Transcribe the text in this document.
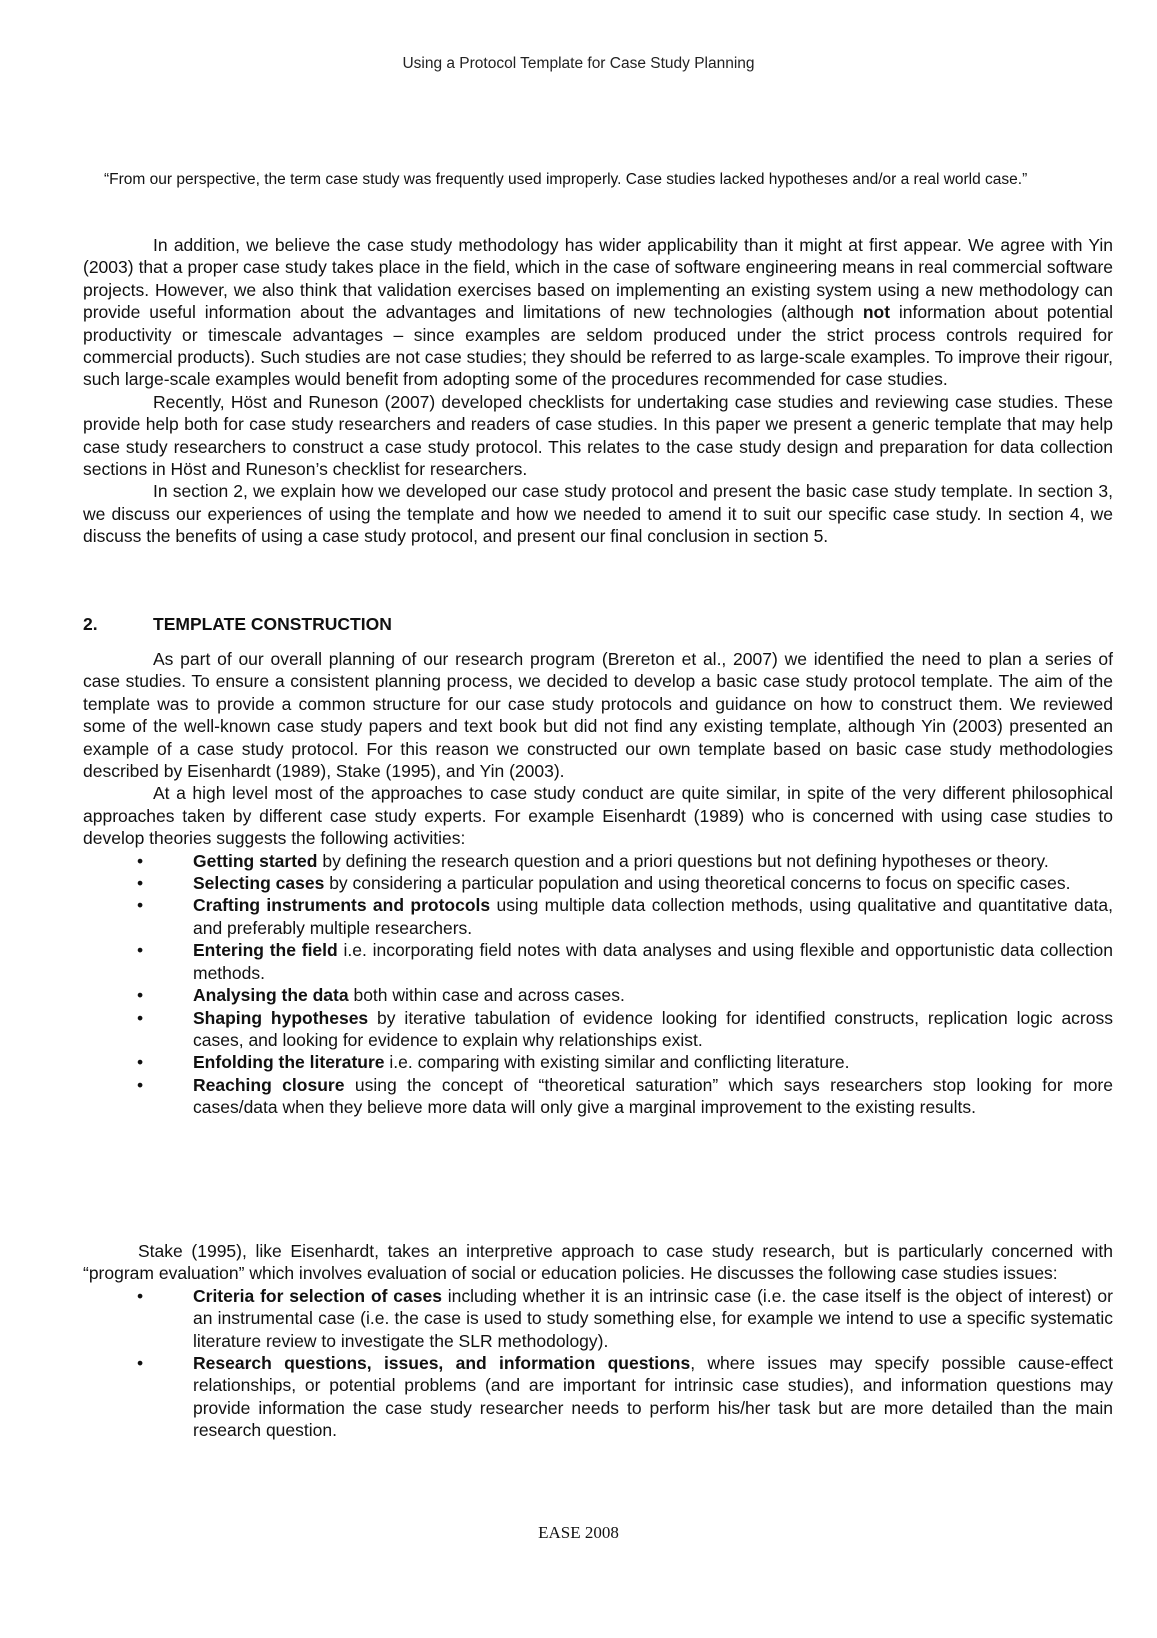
Using a Protocol Template for Case Study Planning
“From our perspective, the term case study was frequently used improperly. Case studies lacked hypotheses and/or a real world case.”

In addition, we believe the case study methodology has wider applicability than it might at first appear. We agree with Yin (2003) that a proper case study takes place in the field, which in the case of software engineering means in real commercial software projects. However, we also think that validation exercises based on implementing an existing system using a new methodology can provide useful information about the advantages and limitations of new technologies (although not information about potential productivity or timescale advantages – since examples are seldom produced under the strict process controls required for commercial products). Such studies are not case studies; they should be referred to as large-scale examples. To improve their rigour, such large-scale examples would benefit from adopting some of the procedures recommended for case studies.

Recently, Höst and Runeson (2007) developed checklists for undertaking case studies and reviewing case studies. These provide help both for case study researchers and readers of case studies. In this paper we present a generic template that may help case study researchers to construct a case study protocol. This relates to the case study design and preparation for data collection sections in Höst and Runeson’s checklist for researchers.

In section 2, we explain how we developed our case study protocol and present the basic case study template. In section 3, we discuss our experiences of using the template and how we needed to amend it to suit our specific case study. In section 4, we discuss the benefits of using a case study protocol, and present our final conclusion in section 5.

2.	TEMPLATE CONSTRUCTION

As part of our overall planning of our research program (Brereton et al., 2007) we identified the need to plan a series of case studies. To ensure a consistent planning process, we decided to develop a basic case study protocol template. The aim of the template was to provide a common structure for our case study protocols and guidance on how to construct them. We reviewed some of the well-known case study papers and text book but did not find any existing template, although Yin (2003) presented an example of a case study protocol. For this reason we constructed our own template based on basic case study methodologies described by Eisenhardt (1989), Stake (1995), and Yin (2003).

At a high level most of the approaches to case study conduct are quite similar, in spite of the very different philosophical approaches taken by different case study experts. For example Eisenhardt (1989) who is concerned with using case studies to develop theories suggests the following activities:

•	Getting started by defining the research question and a priori questions but not defining hypotheses or theory.
•	Selecting cases by considering a particular population and using theoretical concerns to focus on specific cases.
•	Crafting instruments and protocols using multiple data collection methods, using qualitative and quantitative data, and preferably multiple researchers.
•	Entering the field i.e. incorporating field notes with data analyses and using flexible and opportunistic data collection methods.
•	Analysing the data both within case and across cases.
•	Shaping hypotheses by iterative tabulation of evidence looking for identified constructs, replication logic across cases, and looking for evidence to explain why relationships exist.
•	Enfolding the literature i.e. comparing with existing similar and conflicting literature.
•	Reaching closure using the concept of “theoretical saturation” which says researchers stop looking for more cases/data when they believe more data will only give a marginal improvement to the existing results.

Stake (1995), like Eisenhardt, takes an interpretive approach to case study research, but is particularly concerned with “program evaluation” which involves evaluation of social or education policies. He discusses the following case studies issues:

•	Criteria for selection of cases including whether it is an intrinsic case (i.e. the case itself is the object of interest) or an instrumental case (i.e. the case is used to study something else, for example we intend to use a specific systematic literature review to investigate the SLR methodology).
•	Research questions, issues, and information questions, where issues may specify possible cause-effect relationships, or potential problems (and are important for intrinsic case studies), and information questions may provide information the case study researcher needs to perform his/her task but are more detailed than the main research question.
EASE 2008
